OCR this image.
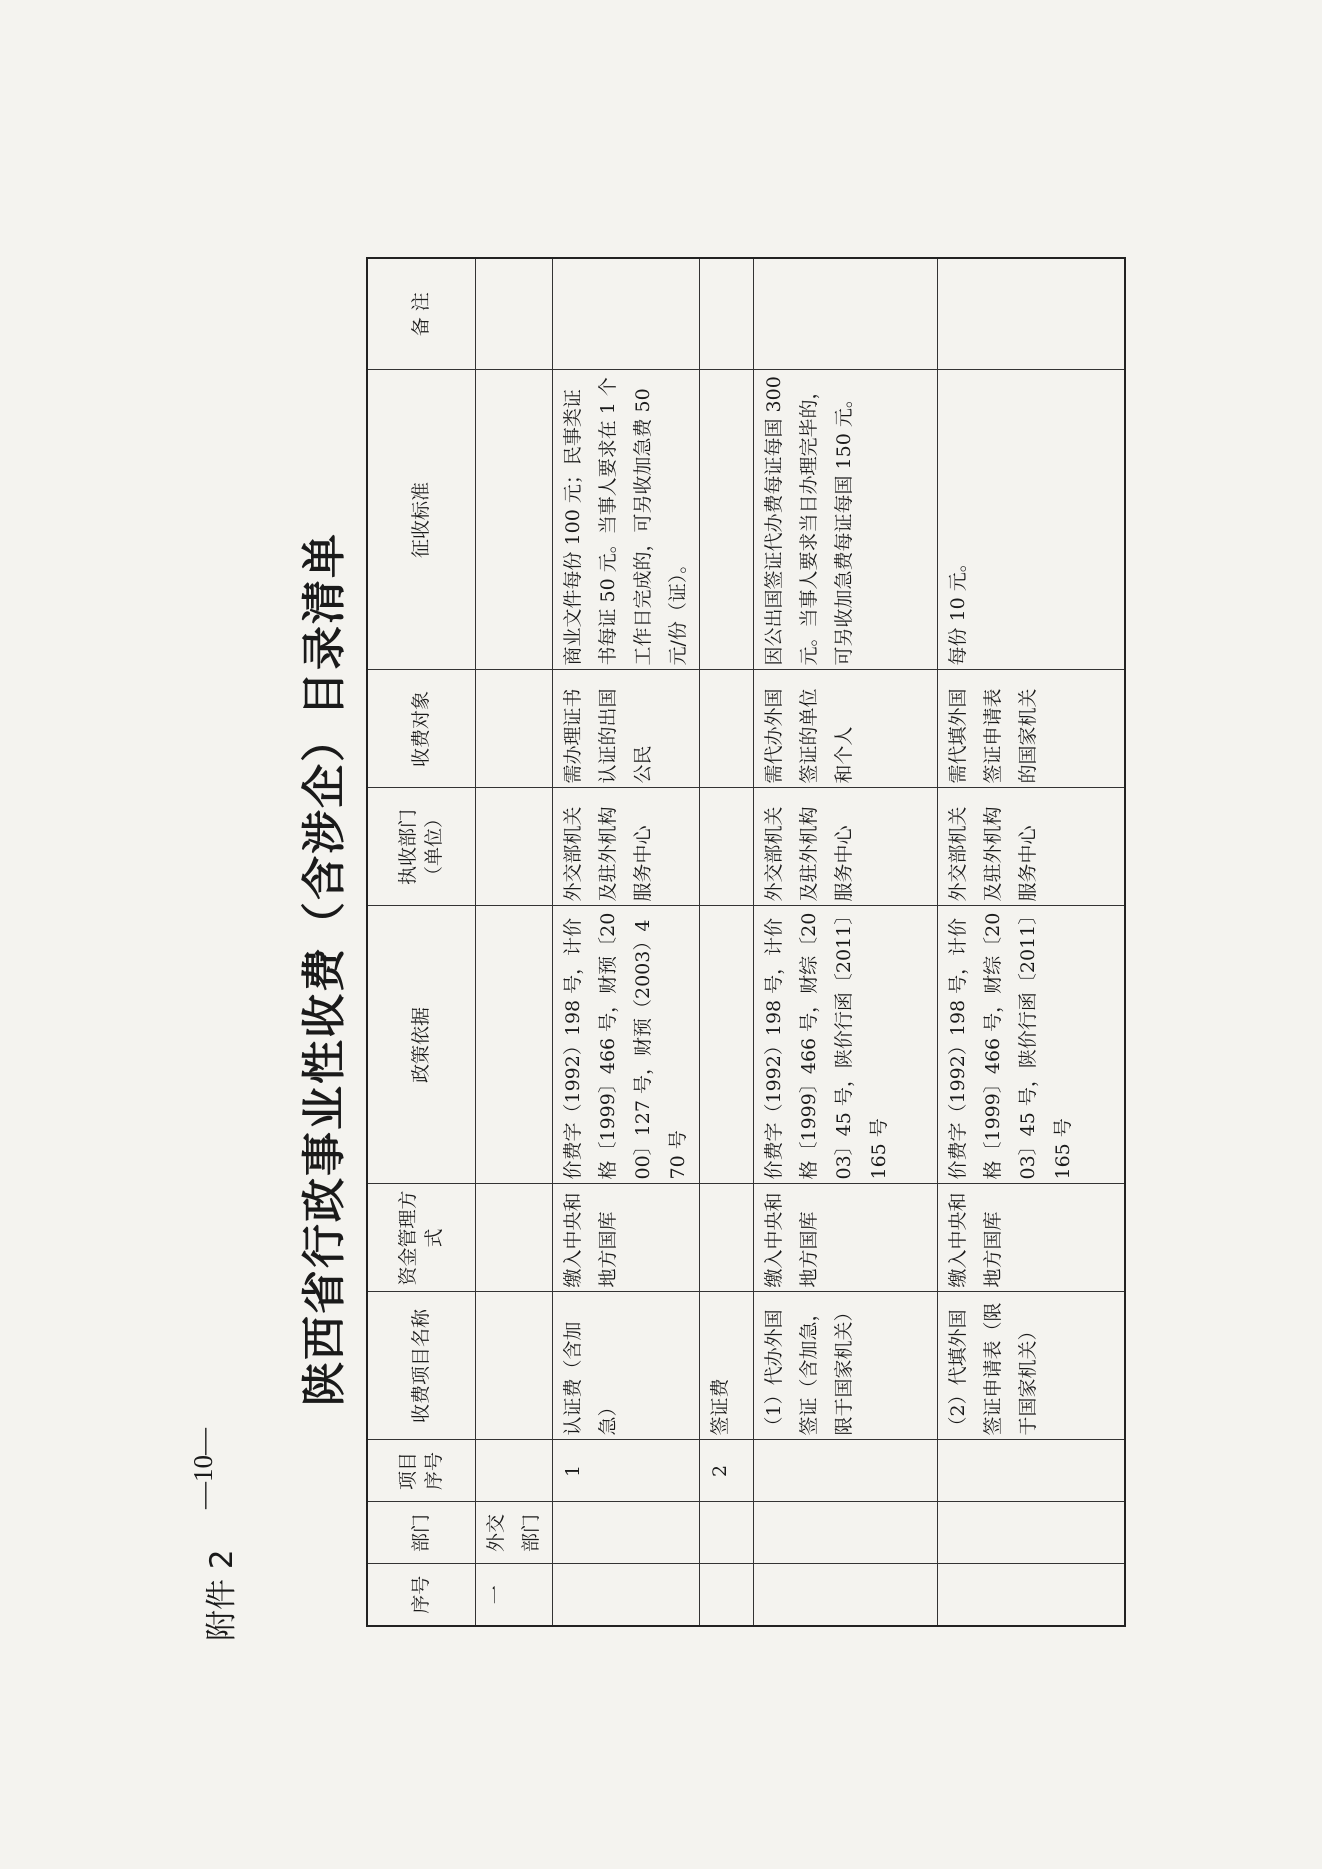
附件 2
—10—
陕西省行政事业性收费（含涉企）目录清单
序号	部门	项目序号	收费项目名称	资金管理方式	政策依据	执收部门（单位）	收费对象	征收标准	备 注
一	外交部门								
		1	认证费（含加急）	缴入中央和地方国库	价费字（1992）198 号，计价格〔1999〕466 号，财预〔2000〕127 号，财预（2003）470 号	外交部机关及驻外机构服务中心	需办理证书认证的出国公民	商业文件每份 100 元；民事类证书每证 50 元。当事人要求在 1 个工作日完成的，可另收加急费 50 元/份（证）。	
		2	签证费						
			（1）代办外国签证（含加急，限于国家机关）	缴入中央和地方国库	价费字（1992）198 号，计价格〔1999〕466 号，财综〔2003〕45 号，陕价行函〔2011〕165 号	外交部机关及驻外机构服务中心	需代办外国签证的单位和个人	因公出国签证代办费每证每国 300 元。当事人要求当日办理完毕的，可另收加急费每证每国 150 元。	
			（2）代填外国签证申请表（限于国家机关）	缴入中央和地方国库	价费字（1992）198 号，计价格〔1999〕466 号，财综〔2003〕45 号，陕价行函〔2011〕165 号	外交部机关及驻外机构服务中心	需代填外国签证申请表的国家机关	每份 10 元。	
